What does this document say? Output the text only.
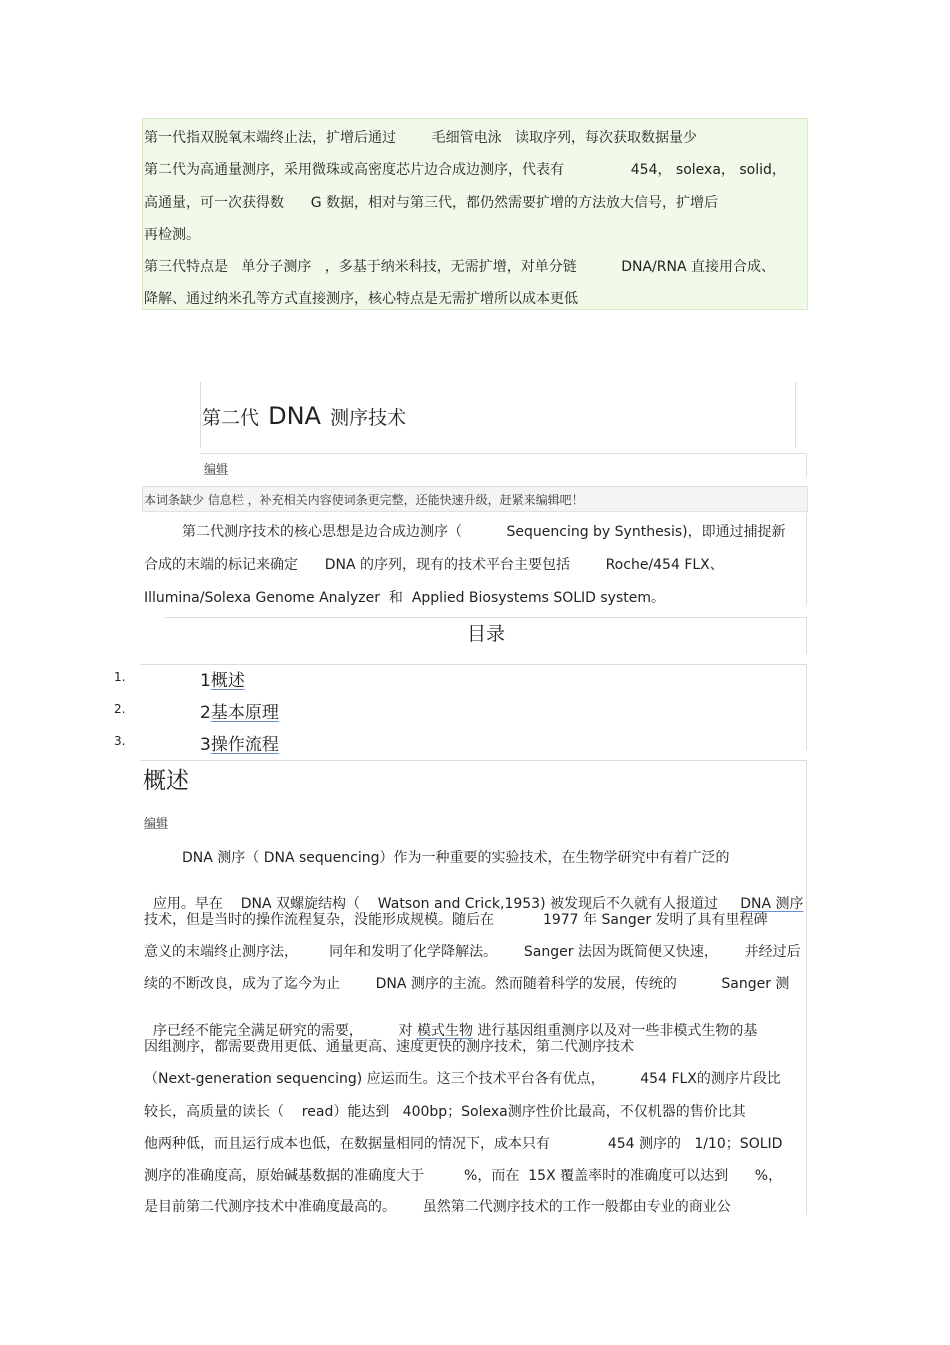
第一代指双脱氧末端终止法，扩增后通过        毛细管电泳   读取序列，每次获取数据量少
第二代为高通量测序，采用微珠或高密度芯片边合成边测序，代表有               454， solexa， solid，
高通量，可一次获得数      G 数据，相对与第三代，都仍然需要扩增的方法放大信号，扩增后
再检测。
第三代特点是   单分子测序   ，多基于纳米科技，无需扩增，对单分链          DNA/RNA 直接用合成、
降解、通过纳米孔等方式直接测序，核心特点是无需扩增所以成本更低
第二代 DNA 测序技术
编辑
本词条缺少 信息栏 ，补充相关内容使词条更完整，还能快速升级，赶紧来编辑吧！
第二代测序技术的核心思想是边合成边测序（          Sequencing by Synthesis)，即通过捕捉新
合成的末端的标记来确定      DNA 的序列，现有的技术平台主要包括        Roche/454 FLX、
Illumina/Solexa Genome Analyzer  和  Applied Biosystems SOLID system。
目录
1.	1概述
2.	2基本原理
3.	3操作流程
概述
编辑
DNA 测序（ DNA sequencing）作为一种重要的实验技术，在生物学研究中有着广泛的

应用。早在    DNA 双螺旋结构（    Watson and Crick,1953) 被发现后不久就有人报道过     DNA 测序

技术，但是当时的操作流程复杂，没能形成规模。随后在           1977 年 Sanger 发明了具有里程碑
意义的末端终止测序法，       同年和发明了化学降解法。      Sanger 法因为既简便又快速，      并经过后
续的不断改良，成为了迄今为止        DNA 测序的主流。然而随着科学的发展，传统的          Sanger 测

序已经不能完全满足研究的需要，        对 模式生物 进行基因组重测序以及对一些非模式生物的基

因组测序，都需要费用更低、通量更高、速度更快的测序技术，第二代测序技术
（Next-generation sequencing) 应运而生。这三个技术平台各有优点，        454 FLX的测序片段比
较长，高质量的读长（    read）能达到   400bp；Solexa测序性价比最高，不仅机器的售价比其
他两种低，而且运行成本也低，在数据量相同的情况下，成本只有             454 测序的   1/10；SOLID
测序的准确度高，原始碱基数据的准确度大于         %，而在  15X 覆盖率时的准确度可以达到      %，
是目前第二代测序技术中准确度最高的。      虽然第二代测序技术的工作一般都由专业的商业公
